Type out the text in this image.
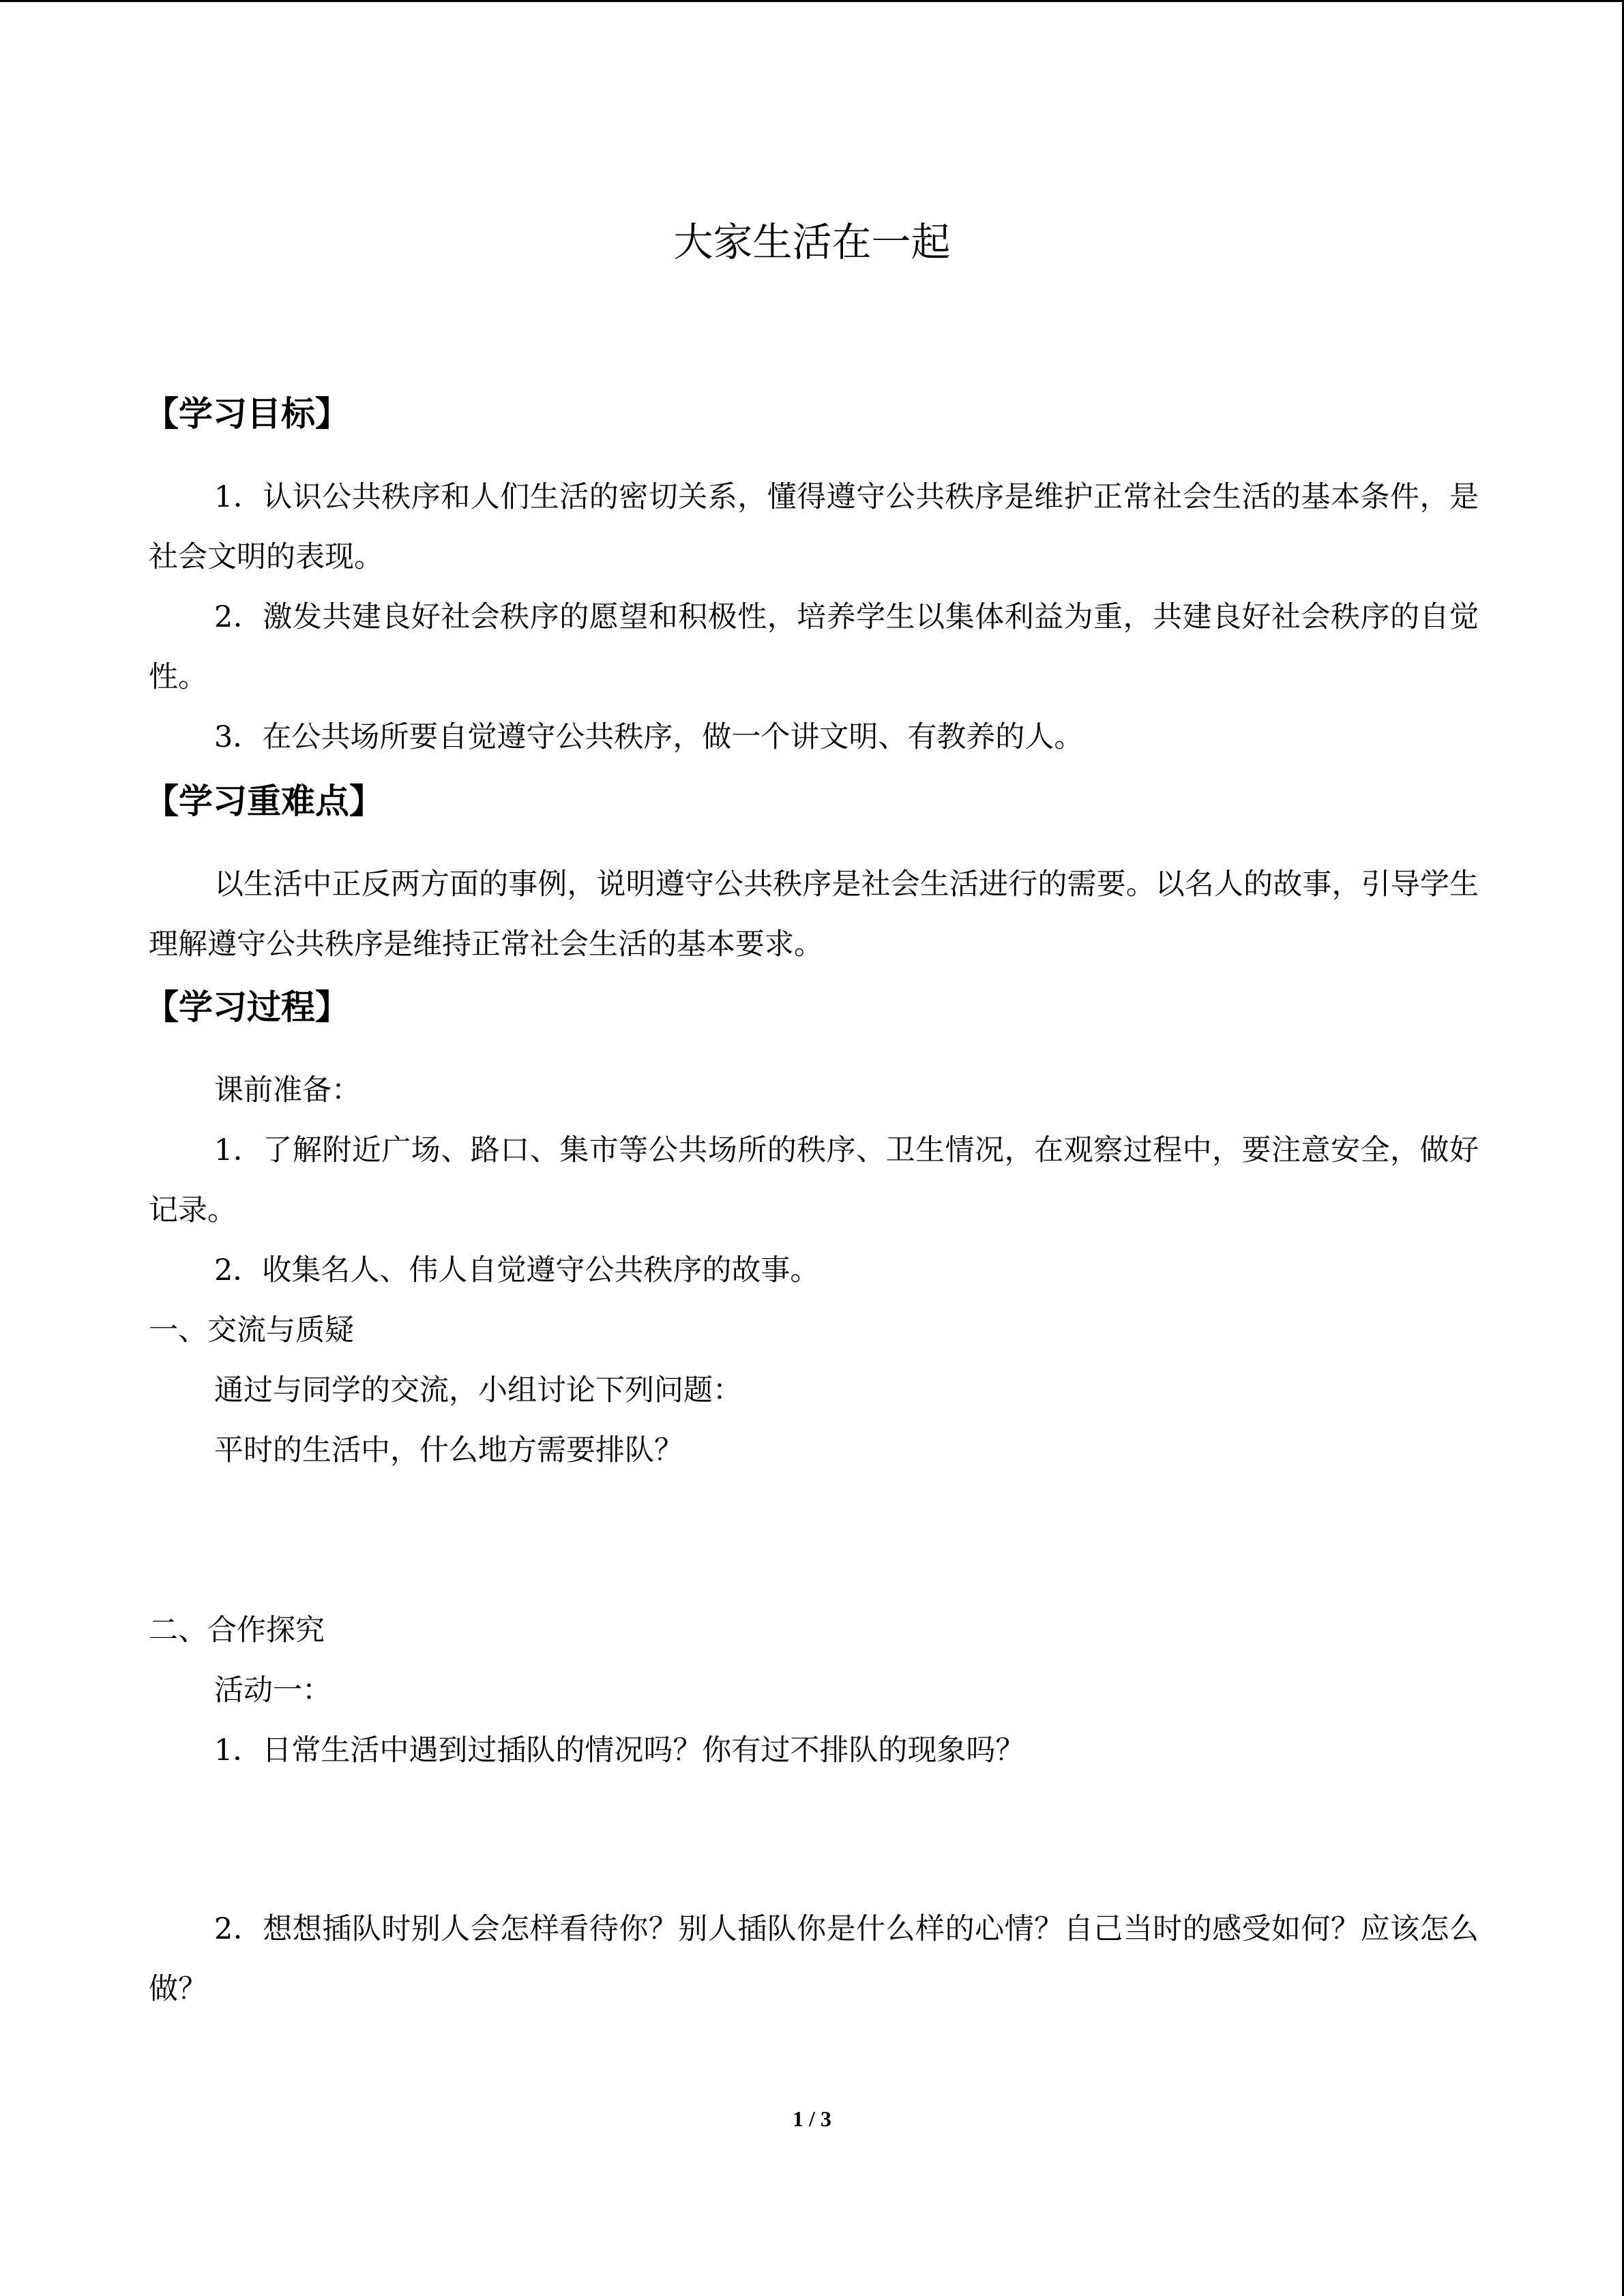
大家生活在一起
【学习目标】
1．认识公共秩序和人们生活的密切关系，懂得遵守公共秩序是维护正常社会生活的基本条件，是社会文明的表现。
2．激发共建良好社会秩序的愿望和积极性，培养学生以集体利益为重，共建良好社会秩序的自觉性。
3．在公共场所要自觉遵守公共秩序，做一个讲文明、有教养的人。
【学习重难点】
以生活中正反两方面的事例，说明遵守公共秩序是社会生活进行的需要。以名人的故事，引导学生理解遵守公共秩序是维持正常社会生活的基本要求。
【学习过程】
课前准备：
1．了解附近广场、路口、集市等公共场所的秩序、卫生情况，在观察过程中，要注意安全，做好记录。
2．收集名人、伟人自觉遵守公共秩序的故事。
一、交流与质疑
通过与同学的交流，小组讨论下列问题：
平时的生活中，什么地方需要排队？
二、合作探究
活动一：
1．日常生活中遇到过插队的情况吗？你有过不排队的现象吗？
2．想想插队时别人会怎样看待你？别人插队你是什么样的心情？自己当时的感受如何？应该怎么做？
1 / 3
